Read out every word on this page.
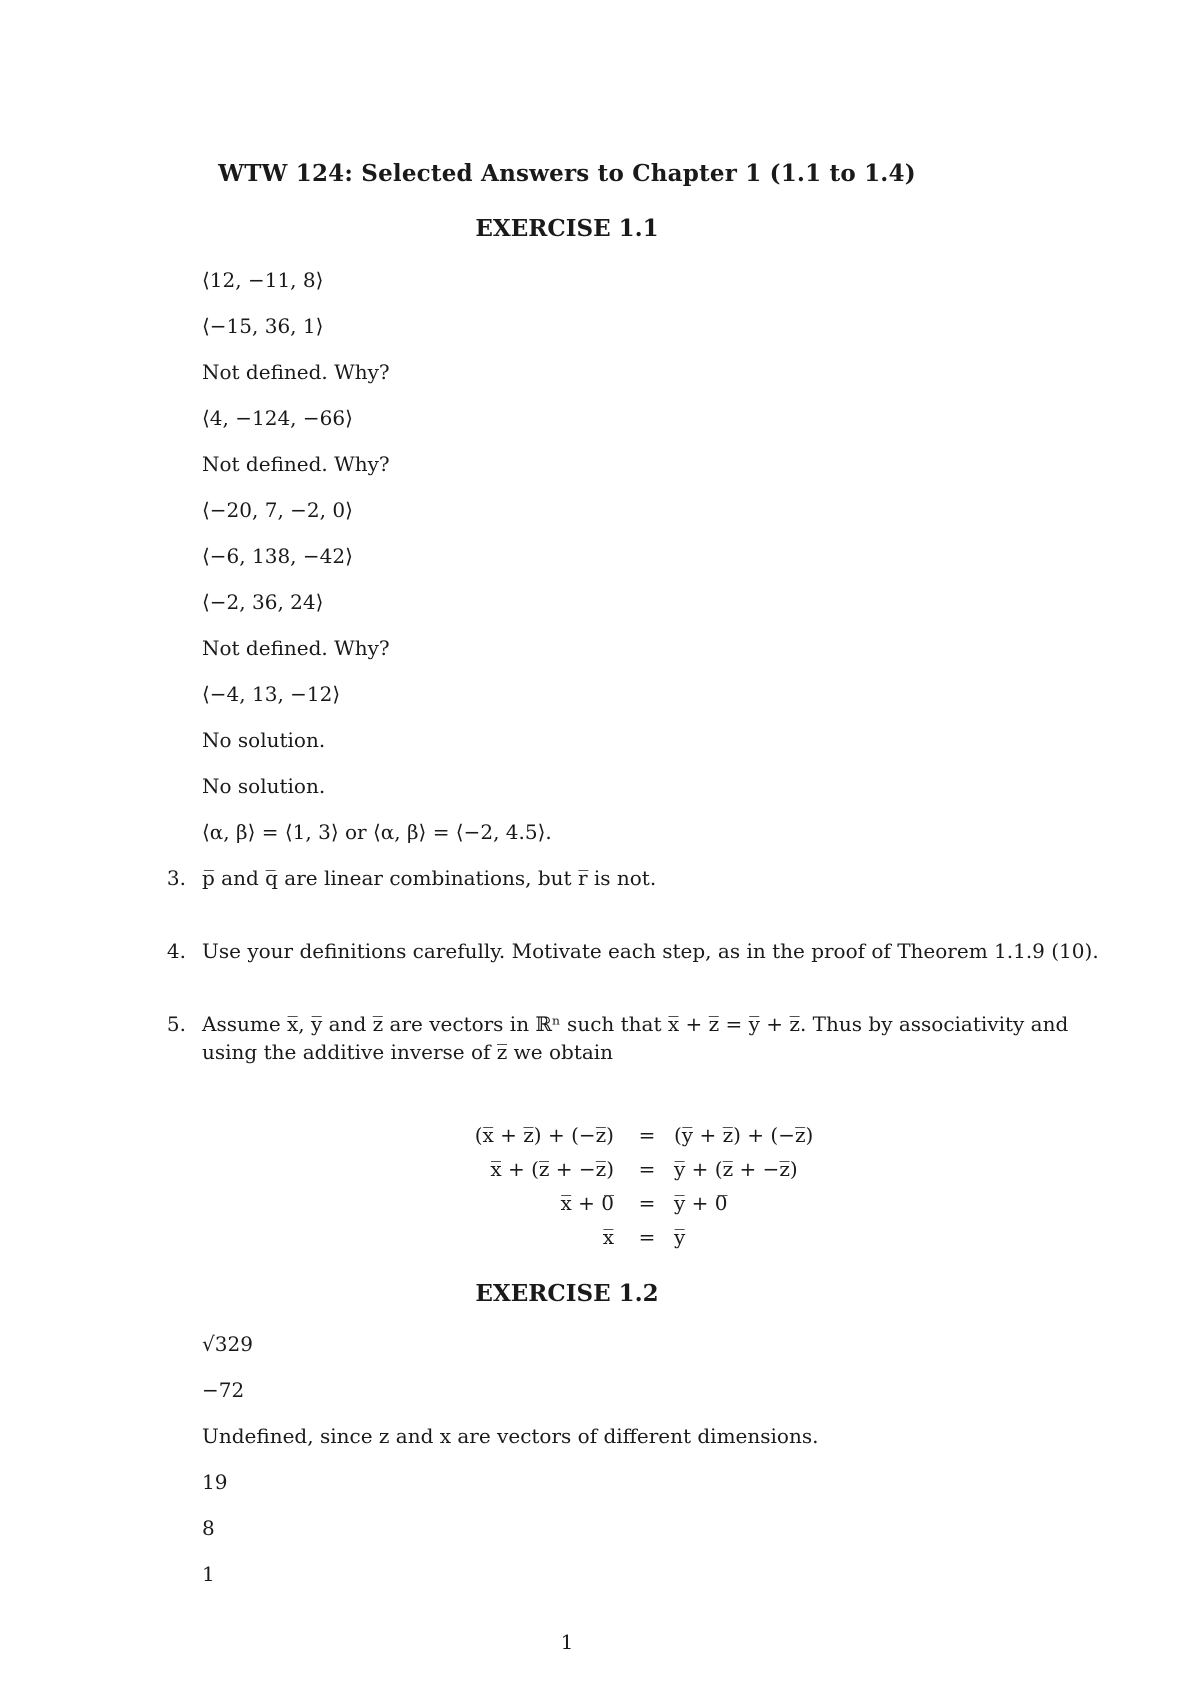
WTW 124: Selected Answers to Chapter 1 (1.1 to 1.4)
EXERCISE 1.1
⟨12, −11, 8⟩
⟨−15, 36, 1⟩
Not defined. Why?
⟨4, −124, −66⟩
Not defined. Why?
⟨−20, 7, −2, 0⟩
⟨−6, 138, −42⟩
⟨−2, 36, 24⟩
Not defined. Why?
⟨−4, 13, −12⟩
No solution.
No solution.
⟨α, β⟩ = ⟨1, 3⟩ or ⟨α, β⟩ = ⟨−2, 4.5⟩.
3. p̅ and q̅ are linear combinations, but r̅ is not.
4. Use your definitions carefully. Motivate each step, as in the proof of Theorem 1.1.9 (10).
5. Assume x̅, y̅ and z̅ are vectors in ℝⁿ such that x̅ + z̅ = y̅ + z̅. Thus by associativity and using the additive inverse of z̅ we obtain
(x̅ + z̅) + (−z̅)	= (y̅ + z̅) + (−z̅)
x̅ + (z̅ + −z̅)	= y̅ + (z̅ + −z̅)
x̅ + 0̅	= y̅ + 0̅
x̅	= y̅
EXERCISE 1.2
√329
−72
Undefined, since z and x are vectors of different dimensions.
19
8
1
1
